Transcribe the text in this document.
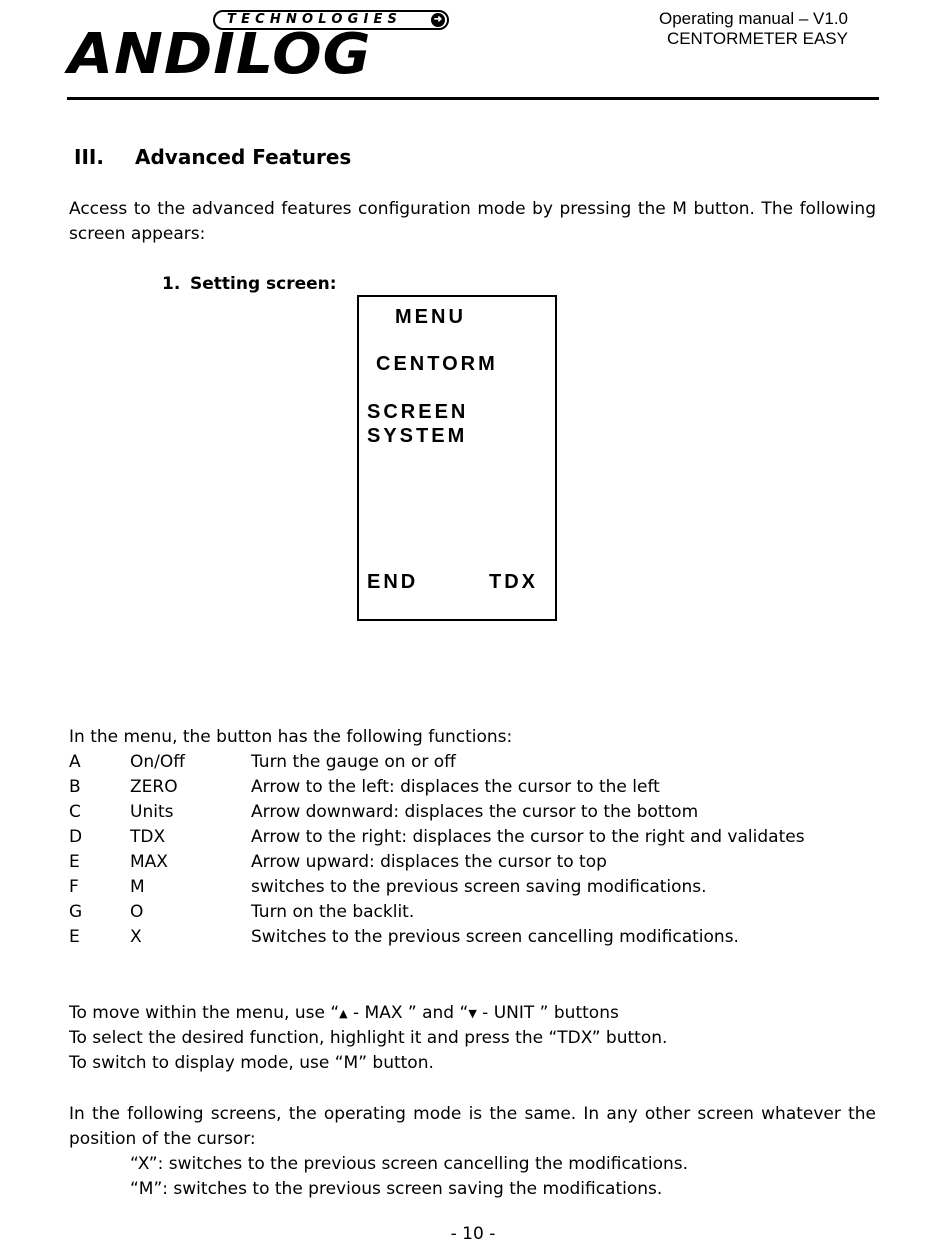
TECHNOLOGIES	➜
ANDILOG
Operating manual – V1.0
CENTORMETER EASY
III. Advanced Features
Access to the advanced features configuration mode by pressing the M button. The following screen appears:
1. Setting screen:
MENU
CENTORM
SCREEN
SYSTEM
END	TDX
In the menu, the button has the following functions:
A	On/Off	Turn the gauge on or off
B	ZERO	Arrow to the left: displaces the cursor to the left
C	Units	Arrow downward: displaces the cursor to the bottom
D	TDX	Arrow to the right: displaces the cursor to the right and validates
E	MAX	Arrow upward: displaces the cursor to top
F	M	switches to the previous screen saving modifications.
G	O	Turn on the backlit.
E	X	Switches to the previous screen cancelling modifications.
To move within the menu, use “▲ - MAX ” and “▼ - UNIT ” buttons
To select the desired function, highlight it and press the “TDX” button.
To switch to display mode, use “M” button.
In the following screens, the operating mode is the same. In any other screen whatever the position of the cursor:
“X”: switches to the previous screen cancelling the modifications.
“M”: switches to the previous screen saving the modifications.
- 10 -
